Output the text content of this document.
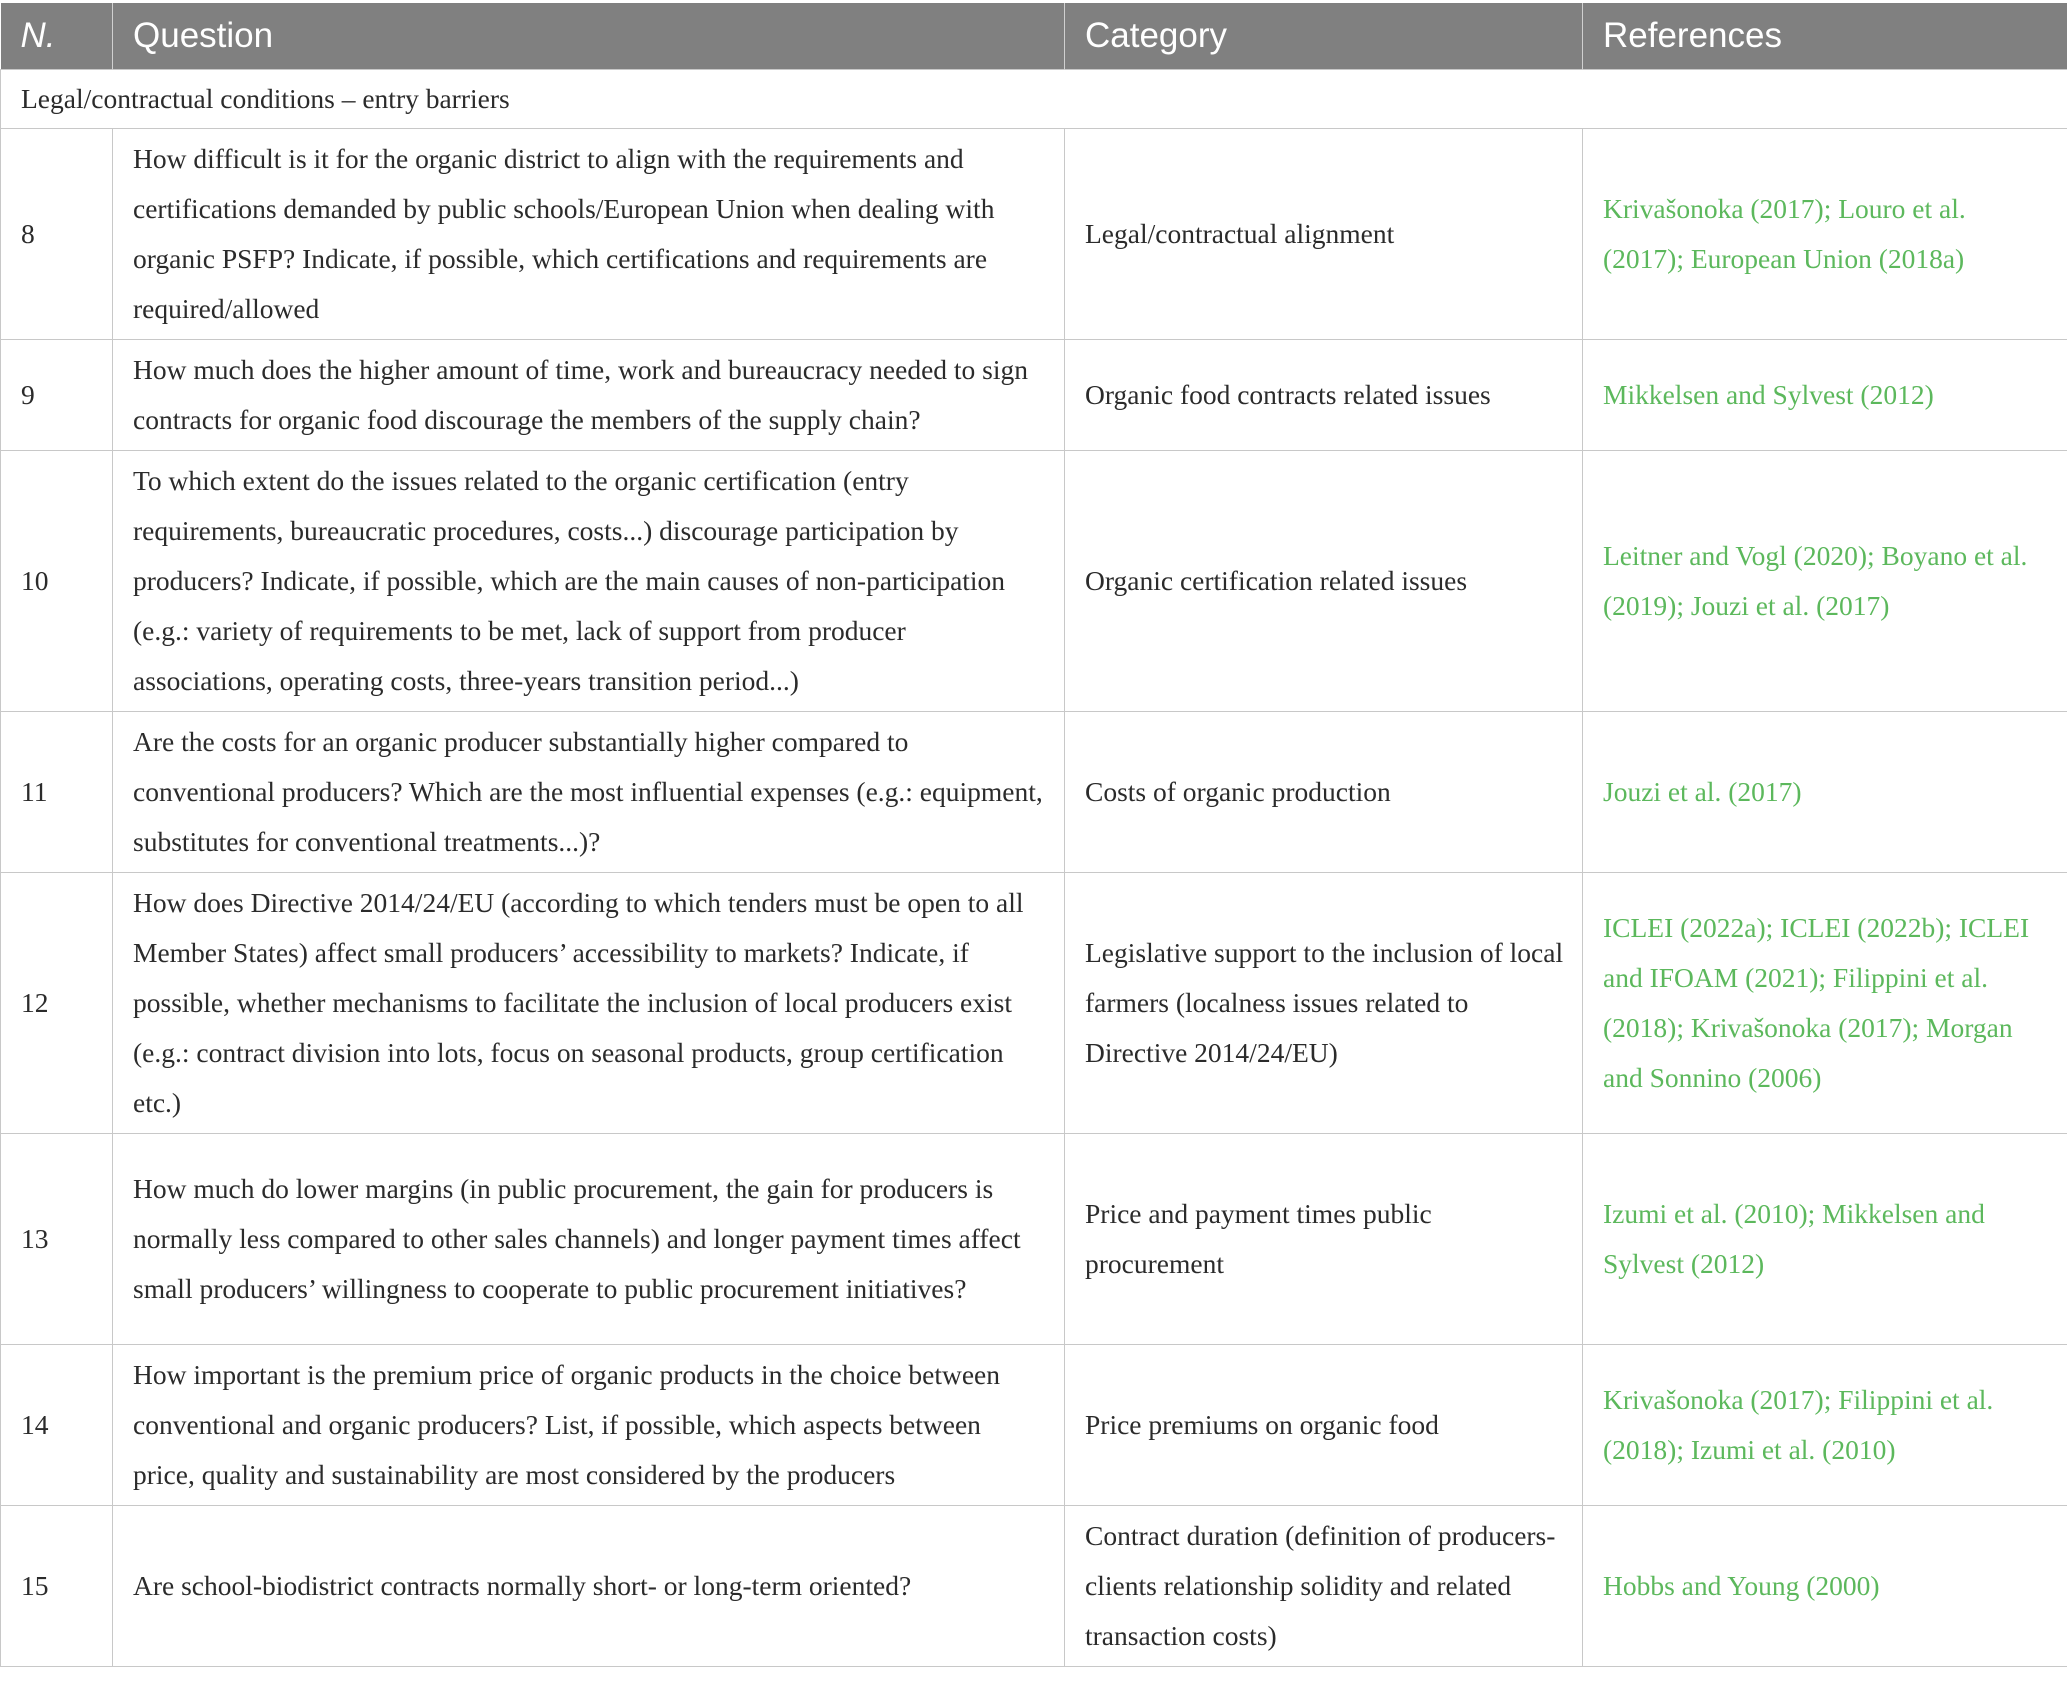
N.	Question	Category	References
Legal/contractual conditions – entry barriers			
8	How difficult is it for the organic district to align with the requirements and certifications demanded by public schools/European Union when dealing with organic PSFP? Indicate, if possible, which certifications and requirements are required/allowed	Legal/contractual alignment	Krivašonoka (2017); Louro et al. (2017); European Union (2018a)
9	How much does the higher amount of time, work and bureaucracy needed to sign contracts for organic food discourage the members of the supply chain?	Organic food contracts related issues	Mikkelsen and Sylvest (2012)
10	To which extent do the issues related to the organic certification (entry requirements, bureaucratic procedures, costs...) discourage participation by producers? Indicate, if possible, which are the main causes of non-participation (e.g.: variety of requirements to be met, lack of support from producer associations, operating costs, three-years transition period...)	Organic certification related issues	Leitner and Vogl (2020); Boyano et al. (2019); Jouzi et al. (2017)
11	Are the costs for an organic producer substantially higher compared to conventional producers? Which are the most influential expenses (e.g.: equipment, substitutes for conventional treatments...)?	Costs of organic production	Jouzi et al. (2017)
12	How does Directive 2014/24/EU (according to which tenders must be open to all Member States) affect small producers’ accessibility to markets? Indicate, if possible, whether mechanisms to facilitate the inclusion of local producers exist (e.g.: contract division into lots, focus on seasonal products, group certification etc.)	Legislative support to the inclusion of local farmers (localness issues related to Directive 2014/24/EU)	ICLEI (2022a); ICLEI (2022b); ICLEI and IFOAM (2021); Filippini et al. (2018); Krivašonoka (2017); Morgan and Sonnino (2006)
13	How much do lower margins (in public procurement, the gain for producers is normally less compared to other sales channels) and longer payment times affect small producers’ willingness to cooperate to public procurement initiatives?	Price and payment times public procurement	Izumi et al. (2010); Mikkelsen and Sylvest (2012)
14	How important is the premium price of organic products in the choice between conventional and organic producers? List, if possible, which aspects between price, quality and sustainability are most considered by the producers	Price premiums on organic food	Krivašonoka (2017); Filippini et al. (2018); Izumi et al. (2010)
15	Are school-biodistrict contracts normally short- or long-term oriented?	Contract duration (definition of producers-clients relationship solidity and related transaction costs)	Hobbs and Young (2000)
